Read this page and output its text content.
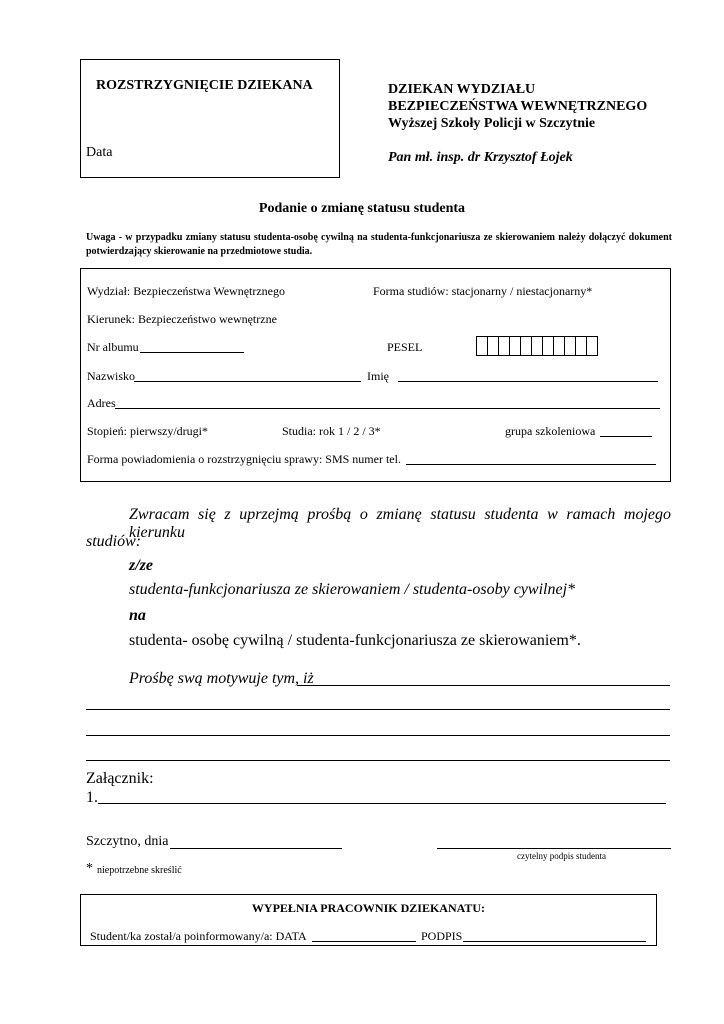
ROZSTRZYGNIĘCIE DZIEKANA
Data
DZIEKAN WYDZIAŁU
BEZPIECZEŃSTWA WEWNĘTRZNEGO
Wyższej Szkoły Policji w Szczytnie
Pan mł. insp. dr Krzysztof Łojek
Podanie o zmianę statusu studenta
Uwaga - w przypadku zmiany statusu studenta-osobę cywilną na studenta-funkcjonariusza ze skierowaniem należy dołączyć dokument potwierdzający skierowanie na przedmiotowe studia.
Wydział: Bezpieczeństwa Wewnętrznego	Forma studiów: stacjonarny / niestacjonarny*
Kierunek: Bezpieczeństwo wewnętrzne
Nr albumu	PESEL
Nazwisko	Imię
Adres
Stopień: pierwszy/drugi*	Studia: rok 1 / 2 / 3*	grupa szkoleniowa
Forma powiadomienia o rozstrzygnięciu sprawy: SMS numer tel.
Zwracam się z uprzejmą prośbą o zmianę statusu studenta w ramach mojego kierunku
studiów:
z/ze
studenta-funkcjonariusza ze skierowaniem / studenta-osoby cywilnej*
na
studenta- osobę cywilną / studenta-funkcjonariusza ze skierowaniem*.
Prośbę swą motywuje tym, iż
Załącznik:
1.
Szczytno, dnia
czytelny podpis studenta
* niepotrzebne skreślić
WYPEŁNIA PRACOWNIK DZIEKANATU:
Student/ka został/a poinformowany/a: DATA	PODPIS
